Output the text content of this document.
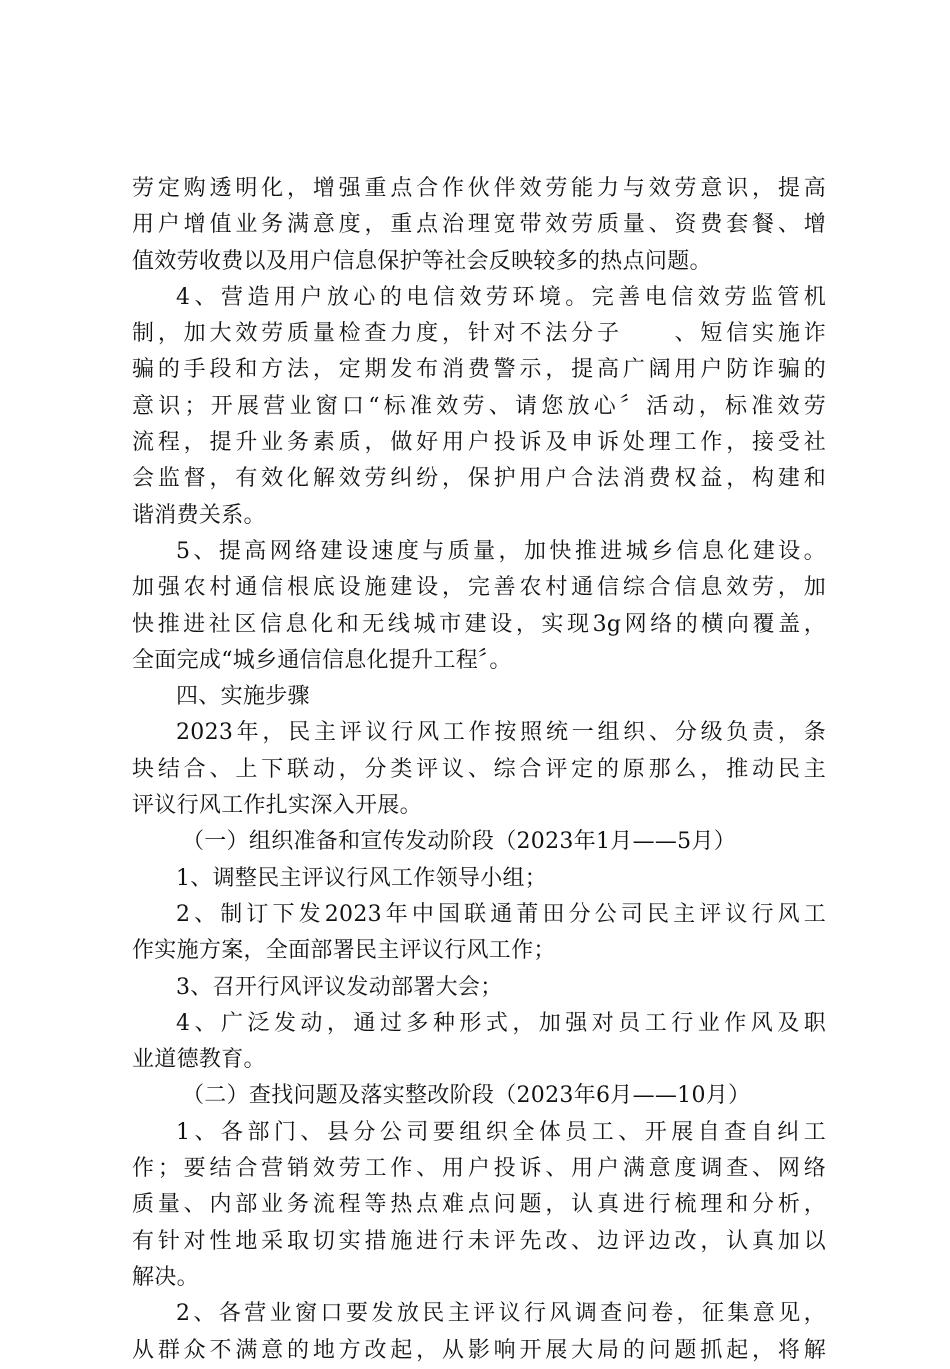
劳定购透明化，增强重点合作伙伴效劳能力与效劳意识，提高
用户增值业务满意度，重点治理宽带效劳质量、资费套餐、增
值效劳收费以及用户信息保护等社会反映较多的热点问题。
4、营造用户放心的电信效劳环境。完善电信效劳监管机
制，加大效劳质量检查力度，针对不法分子　　、短信实施诈
骗的手段和方法，定期发布消费警示，提高广阔用户防诈骗的
意识；开展营业窗口“标准效劳、请您放心〞活动，标准效劳
流程，提升业务素质，做好用户投诉及申诉处理工作，接受社
会监督，有效化解效劳纠纷，保护用户合法消费权益，构建和
谐消费关系。
5、提高网络建设速度与质量，加快推进城乡信息化建设。
加强农村通信根底设施建设，完善农村通信综合信息效劳，加
快推进社区信息化和无线城市建设，实现3g网络的横向覆盖，
全面完成“城乡通信信息化提升工程〞。
四、实施步骤
2023年，民主评议行风工作按照统一组织、分级负责，条
块结合、上下联动，分类评议、综合评定的原那么，推动民主
评议行风工作扎实深入开展。
（一）组织准备和宣传发动阶段（2023年1月——5月）
1、调整民主评议行风工作领导小组；
2、制订下发2023年中国联通莆田分公司民主评议行风工
作实施方案，全面部署民主评议行风工作；
3、召开行风评议发动部署大会；
4、广泛发动，通过多种形式，加强对员工行业作风及职
业道德教育。
（二）查找问题及落实整改阶段（2023年6月——10月）
1、各部门、县分公司要组织全体员工、开展自查自纠工
作；要结合营销效劳工作、用户投诉、用户满意度调查、网络
质量、内部业务流程等热点难点问题，认真进行梳理和分析，
有针对性地采取切实措施进行未评先改、边评边改，认真加以
解决。
2、各营业窗口要发放民主评议行风调查问卷，征集意见，
从群众不满意的地方改起，从影响开展大局的问题抓起，将解
